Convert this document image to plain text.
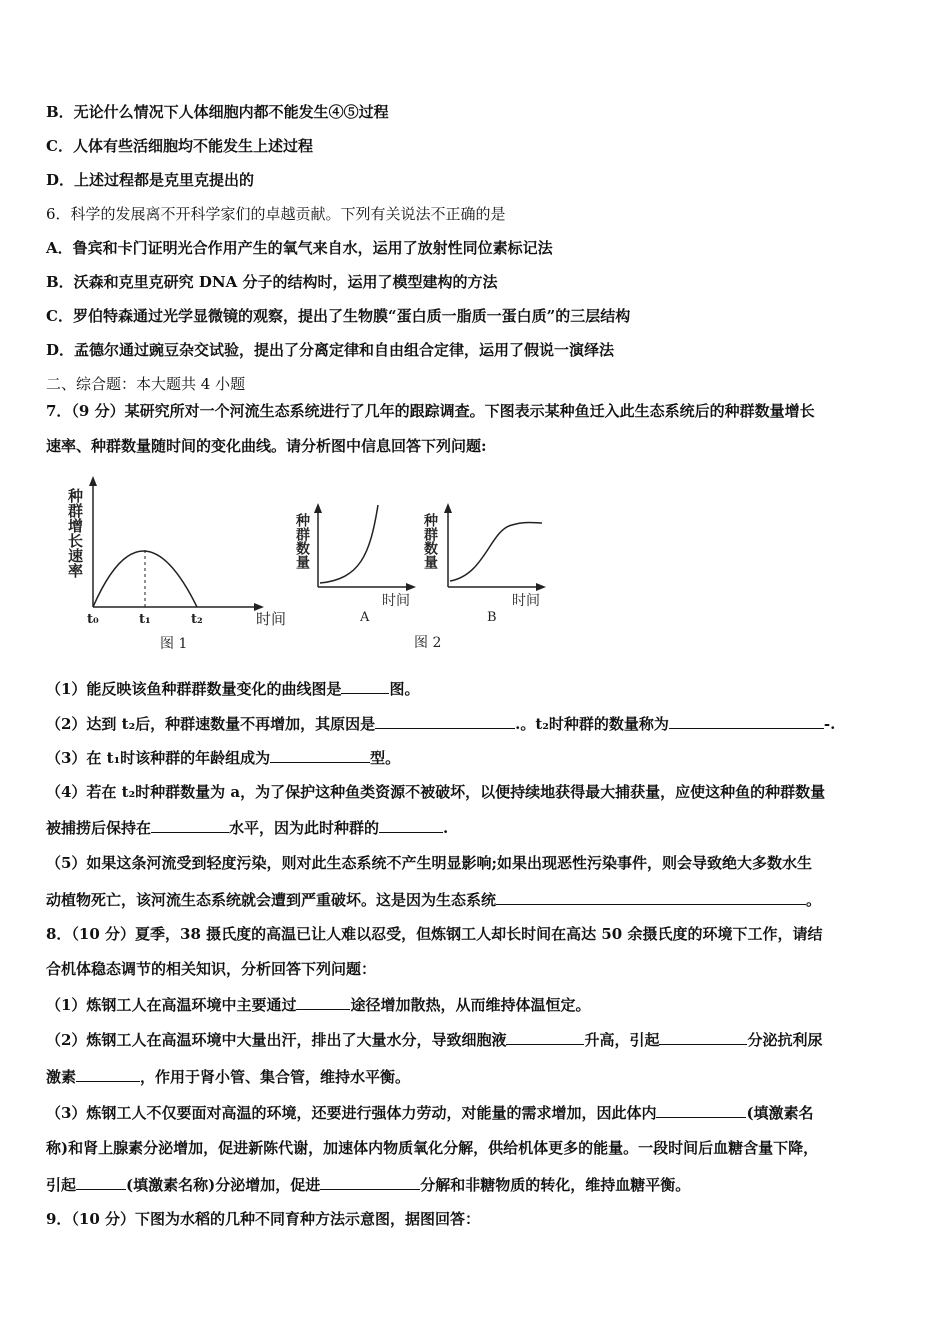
B．无论什么情况下人体细胞内都不能发生④⑤过程
C．人体有些活细胞均不能发生上述过程
D．上述过程都是克里克提出的
6．科学的发展离不开科学家们的卓越贡献。下列有关说法不正确的是
A．鲁宾和卡门证明光合作用产生的氧气来自水，运用了放射性同位素标记法
B．沃森和克里克研究 DNA 分子的结构时，运用了模型建构的方法
C．罗伯特森通过光学显微镜的观察，提出了生物膜“蛋白质一脂质一蛋白质”的三层结构
D．孟德尔通过豌豆杂交试验，提出了分离定律和自由组合定律，运用了假说一演绎法
二、综合题：本大题共 4 小题
7．（9 分）某研究所对一个河流生态系统进行了几年的跟踪调查。下图表示某种鱼迁入此生态系统后的种群数量增长
速率、种群数量随时间的变化曲线。请分析图中信息回答下列问题:
种群增长速率
t₀	t₁	t₂	时间
图 1
种群数量
时间
A
种群数量
时间
B
图 2
（1）能反映该鱼种群群数量变化的曲线图是	图。
（2）达到 t₂后，种群速数量不再增加，其原因是	.。t₂时种群的数量称为	-.
（3）在 t₁时该种群的年龄组成为	型。
（4）若在 t₂时种群数量为 a，为了保护这种鱼类资源不被破坏，以便持续地获得最大捕获量，应使这种鱼的种群数量
被捕捞后保持在	水平，因为此时种群的	.
（5）如果这条河流受到轻度污染，则对此生态系统不产生明显影响;如果出现恶性污染事件，则会导致绝大多数水生
动植物死亡，该河流生态系统就会遭到严重破坏。这是因为生态系统	。
8．（10 分）夏季，38 摄氏度的高温已让人难以忍受，但炼钢工人却长时间在高达 50 余摄氏度的环境下工作，请结
合机体稳态调节的相关知识，分析回答下列问题：
（1）炼钢工人在高温环境中主要通过	途径增加散热，从而维持体温恒定。
（2）炼钢工人在高温环境中大量出汗，排出了大量水分，导致细胞液	升高，引起	分泌抗利尿
激素	，作用于肾小管、集合管，维持水平衡。
（3）炼钢工人不仅要面对高温的环境，还要进行强体力劳动，对能量的需求增加，因此体内	(填激素名
称)和肾上腺素分泌增加，促进新陈代谢，加速体内物质氧化分解，供给机体更多的能量。一段时间后血糖含量下降，
引起	(填激素名称)分泌增加，促进	分解和非糖物质的转化，维持血糖平衡。
9．（10 分）下图为水稻的几种不同育种方法示意图，据图回答：
